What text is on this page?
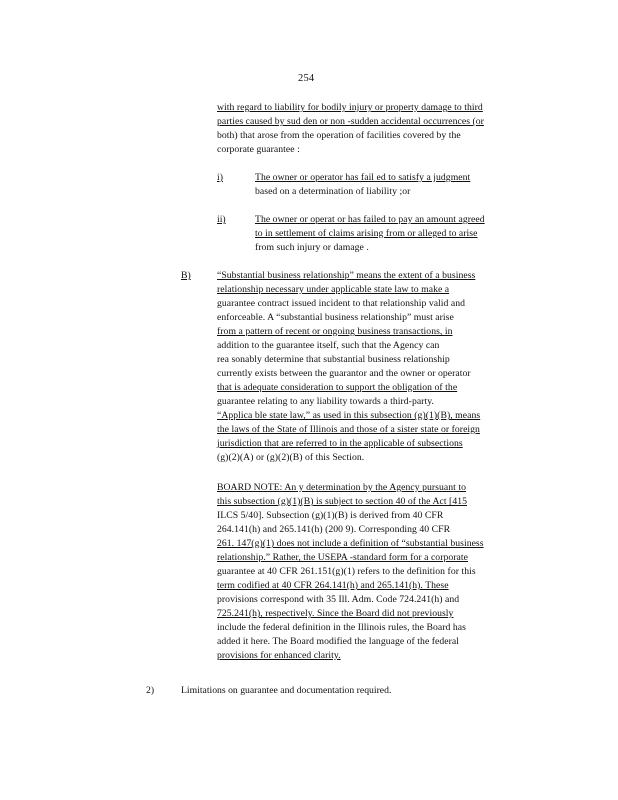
254
with regard to liability for bodily injury or property damage to third
parties caused by sud den or non -sudden accidental occurrences (or
both) that arose from the operation of facilities covered by the
corporate guarantee :
i)	The owner or operator has fail ed to satisfy a judgment
based on a determination of liability ;or
ii)	The owner or operat or has failed to pay an amount agreed
to in settlement of claims arising from or alleged to arise
from such injury or damage .
B)	“Substantial business relationship” means the extent of a business
relationship necessary under applicable state law to make a
guarantee contract issued incident to that relationship valid and
enforceable. A “substantial business relationship” must arise
from a pattern of recent or ongoing business transactions, in
addition to the guarantee itself, such that the Agency can
rea sonably determine that substantial business relationship
currently exists between the guarantor and the owner or operator
that is adequate consideration to support the obligation of the
guarantee relating to any liability towards a third-party.
“Applica ble state law,” as used in this subsection (g)(1)(B), means
the laws of the State of Illinois and those of a sister state or foreign
jurisdiction that are referred to in the applicable of subsections
(g)(2)(A) or (g)(2)(B) of this Section.
BOARD NOTE: An y determination by the Agency pursuant to
this subsection (g)(1)(B) is subject to section 40 of the Act [415
ILCS 5/40]. Subsection (g)(1)(B) is derived from 40 CFR
264.141(h) and 265.141(h) (200 9). Corresponding 40 CFR
261. 147(g)(1) does not include a definition of “substantial business
relationship.” Rather, the USEPA -standard form for a corporate
guarantee at 40 CFR 261.151(g)(1) refers to the definition for this
term codified at 40 CFR 264.141(h) and 265.141(h). These
provisions correspond with 35 Ill. Adm. Code 724.241(h) and
725.241(h), respectively. Since the Board did not previously
include the federal definition in the Illinois rules, the Board has
added it here. The Board modified the language of the federal
provisions for enhanced clarity.
2)	Limitations on guarantee and documentation required.
